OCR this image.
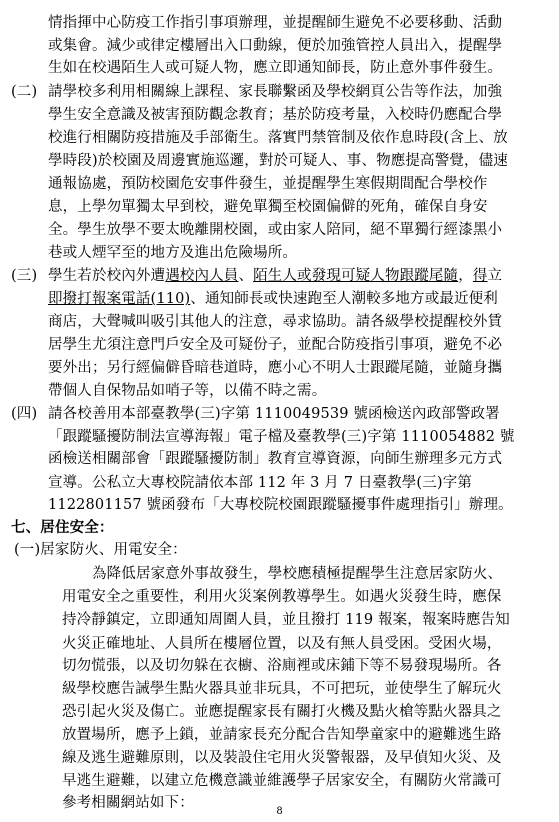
情指揮中心防疫工作指引事項辦理，並提醒師生避免不必要移動、活動
或集會。減少或律定樓層出入口動線，便於加強管控人員出入，提醒學
生如在校遇陌生人或可疑人物，應立即通知師長，防止意外事件發生。
(二) 請學校多利用相關線上課程、家長聯繫函及學校網頁公告等作法，加強
學生安全意識及被害預防觀念教育；基於防疫考量，入校時仍應配合學
校進行相關防疫措施及手部衛生。落實門禁管制及依作息時段(含上、放
學時段)於校園及周邊實施巡邏，對於可疑人、事、物應提高警覺，儘速
通報協處，預防校園危安事件發生，並提醒學生寒假期間配合學校作
息，上學勿單獨太早到校，避免單獨至校園偏僻的死角，確保自身安
全。學生放學不要太晚離開校園，或由家人陪同，絕不單獨行經漆黑小
巷或人煙罕至的地方及進出危險場所。
(三) 學生若於校內外遭遇校內人員、陌生人或發現可疑人物跟蹤尾隨，得立
即撥打報案電話(110)、通知師長或快速跑至人潮較多地方或最近便利
商店，大聲喊叫吸引其他人的注意，尋求協助。請各級學校提醒校外賃
居學生尤須注意門戶安全及可疑份子，並配合防疫指引事項，避免不必
要外出；另行經偏僻昏暗巷道時，應小心不明人士跟蹤尾隨，並隨身攜
帶個人自保物品如哨子等，以備不時之需。
(四) 請各校善用本部臺教學(三)字第 1110049539 號函檢送內政部警政署
「跟蹤騷擾防制法宣導海報」電子檔及臺教學(三)字第 1110054882 號
函檢送相關部會「跟蹤騷擾防制」教育宣導資源，向師生辦理多元方式
宣導。公私立大專校院請依本部 112 年 3 月 7 日臺教學(三)字第
1122801157 號函發布「大專校院校園跟蹤騷擾事件處理指引」辦理。
七、居住安全：
(一)居家防火、用電安全：
為降低居家意外事故發生，學校應積極提醒學生注意居家防火、
用電安全之重要性，利用火災案例教導學生。如遇火災發生時，應保
持冷靜鎮定，立即通知周圍人員，並且撥打 119 報案，報案時應告知
火災正確地址、人員所在樓層位置，以及有無人員受困。受困火場，
切勿慌張，以及切勿躲在衣櫥、浴廁裡或床鋪下等不易發現場所。各
級學校應告誡學生點火器具並非玩具，不可把玩，並使學生了解玩火
恐引起火災及傷亡。並應提醒家長有關打火機及點火槍等點火器具之
放置場所，應予上鎖，並請家長充分配合告知學童家中的避難逃生路
線及逃生避難原則，以及裝設住宅用火災警報器，及早偵知火災、及
早逃生避難，以建立危機意識並維護學子居家安全，有關防火常識可
參考相關網站如下：
8
